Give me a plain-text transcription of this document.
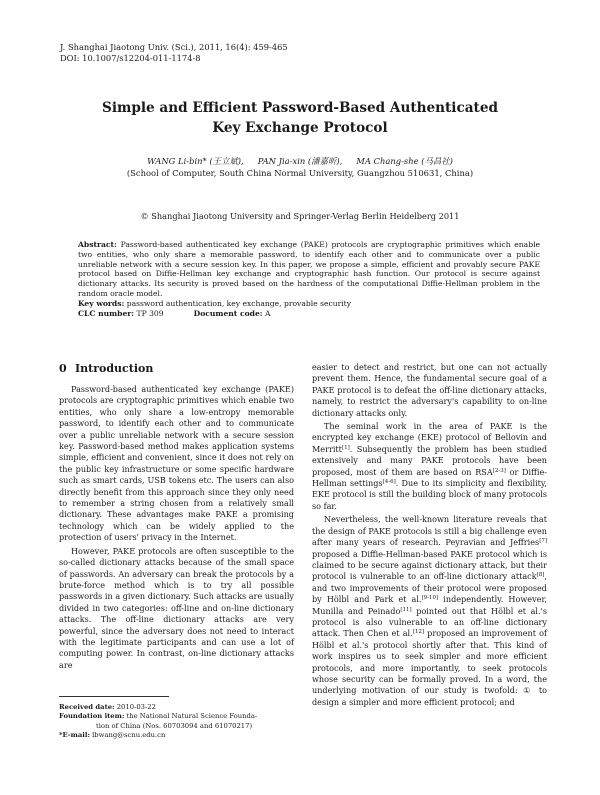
J. Shanghai Jiaotong Univ. (Sci.), 2011, 16(4): 459-465
DOI: 10.1007/s12204-011-1174-8
Simple and Efficient Password-Based Authenticated
Key Exchange Protocol
WANG Li-bin* (王立斌), PAN Jia-xin (潘嘉昕), MA Chang-she (马昌社)
(School of Computer, South China Normal University, Guangzhou 510631, China)
© Shanghai Jiaotong University and Springer-Verlag Berlin Heidelberg 2011

Abstract: Password-based authenticated key exchange (PAKE) protocols are cryptographic primitives which enable two entities, who only share a memorable password, to identify each other and to communicate over a public unreliable network with a secure session key. In this paper, we propose a simple, efficient and provably secure PAKE protocol based on Diffie-Hellman key exchange and cryptographic hash function. Our protocol is secure against dictionary attacks. Its security is proved based on the hardness of the computational Diffie-Hellman problem in the random oracle model.

Key words: password authentication, key exchange, provable security

CLC number: TP 309	Document code: A

0 Introduction

Password-based authenticated key exchange (PAKE) protocols are cryptographic primitives which enable two entities, who only share a low-entropy memorable password, to identify each other and to communicate over a public unreliable network with a secure session key. Password-based method makes application systems simple, efficient and convenient, since it does not rely on the public key infrastructure or some specific hardware such as smart cards, USB tokens etc. The users can also directly benefit from this approach since they only need to remember a string chosen from a relatively small dictionary. These advantages make PAKE a promising technology which can be widely applied to the protection of users' privacy in the Internet.

However, PAKE protocols are often susceptible to the so-called dictionary attacks because of the small space of passwords. An adversary can break the protocols by a brute-force method which is to try all possible passwords in a given dictionary. Such attacks are usually divided in two categories: off-line and on-line dictionary attacks. The off-line dictionary attacks are very powerful, since the adversary does not need to interact with the legitimate participants and can use a lot of computing power. In contrast, on-line dictionary attacks are

easier to detect and restrict, but one can not actually prevent them. Hence, the fundamental secure goal of a PAKE protocol is to defeat the off-line dictionary attacks, namely, to restrict the adversary's capability to on-line dictionary attacks only.

The seminal work in the area of PAKE is the encrypted key exchange (EKE) protocol of Bellovin and Merritt[1]. Subsequently the problem has been studied extensively and many PAKE protocols have been proposed, most of them are based on RSA[2-3] or Diffie-Hellman settings[4-6]. Due to its simplicity and flexibility, EKE protocol is still the building block of many protocols so far.

Nevertheless, the well-known literature reveals that the design of PAKE protocols is still a big challenge even after many years of research. Peyravian and Jeffries[7] proposed a Diffie-Hellman-based PAKE protocol which is claimed to be secure against dictionary attack, but their protocol is vulnerable to an off-line dictionary attack[8], and two improvements of their protocol were proposed by Hölbl and Park et al.[9-10] independently. However, Munilla and Peinado[11] pointed out that Hölbl et al.'s protocol is also vulnerable to an off-line dictionary attack. Then Chen et al.[12] proposed an improvement of Hölbl et al.'s protocol shortly after that. This kind of work inspires us to seek simpler and more efficient protocols, and more importantly, to seek protocols whose security can be formally proved. In a word, the underlying motivation of our study is twofold: ① to design a simpler and more efficient protocol; and

Received date: 2010-03-22
Foundation item: the National Natural Science Founda-
tion of China (Nos. 60703094 and 61070217)
*E-mail: lbwang@scnu.edu.cn
